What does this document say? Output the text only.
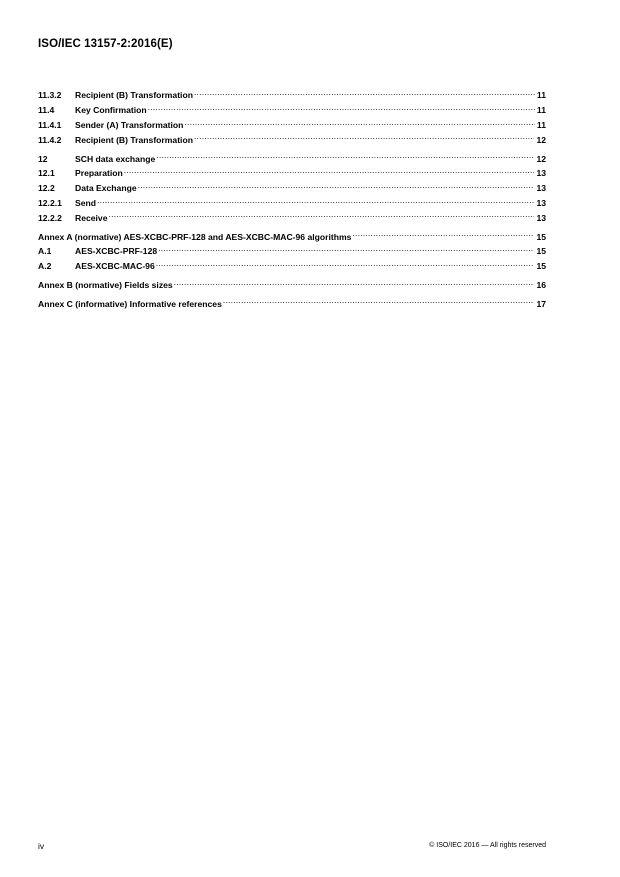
ISO/IEC 13157-2:2016(E)
11.3.2	Recipient (B) Transformation .....	11
11.4	Key Confirmation .....	11
11.4.1	Sender (A) Transformation .....	11
11.4.2	Recipient (B) Transformation .....	12
12	SCH data exchange .....	12
12.1	Preparation .....	13
12.2	Data Exchange .....	13
12.2.1	Send .....	13
12.2.2	Receive .....	13
Annex A (normative) AES-XCBC-PRF-128 and AES-XCBC-MAC-96 algorithms .....	15
A.1	AES-XCBC-PRF-128 .....	15
A.2	AES-XCBC-MAC-96 .....	15
Annex B (normative) Fields sizes .....	16
Annex C (informative) Informative references .....	17
iv	© ISO/IEC 2016 — All rights reserved
